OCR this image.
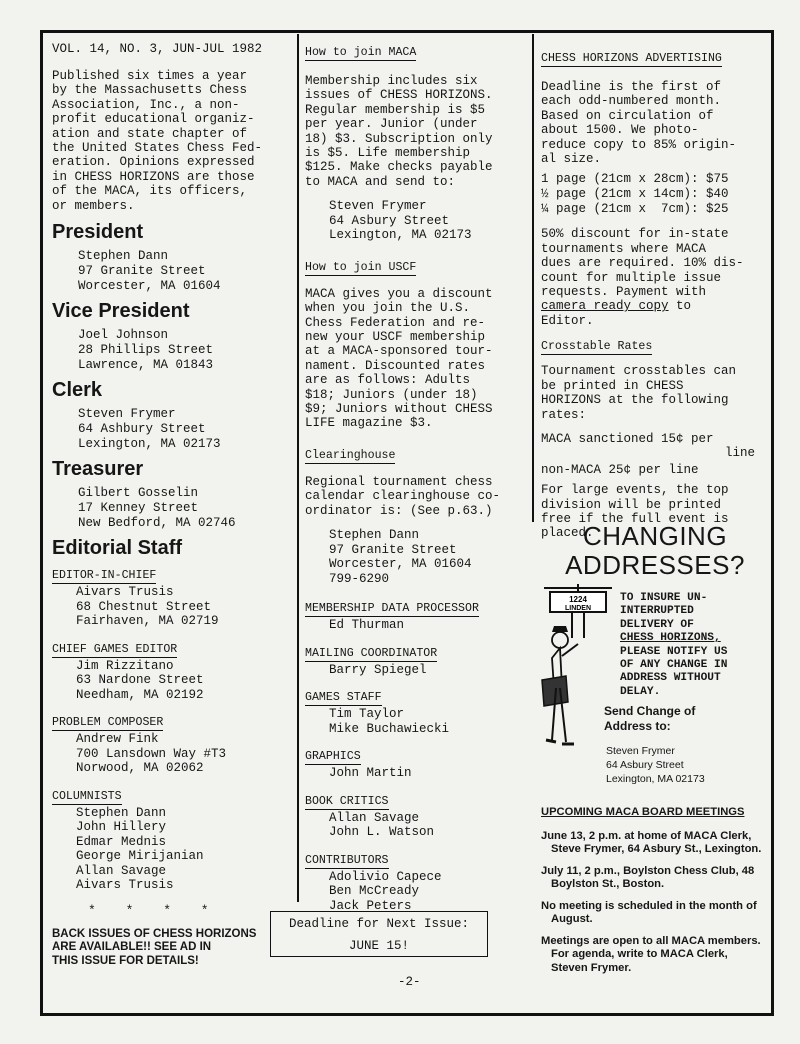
VOL. 14, NO. 3, JUN-JUL 1982
Published six times a year
by the Massachusetts Chess
Association, Inc., a non-
profit educational organiz-
ation and state chapter of
the United States Chess Fed-
eration. Opinions expressed
in CHESS HORIZONS are those
of the MACA, its officers,
or members.
President
Stephen Dann
97 Granite Street
Worcester, MA 01604
Vice President
Joel Johnson
28 Phillips Street
Lawrence, MA 01843
Clerk
Steven Frymer
64 Ashbury Street
Lexington, MA 02173
Treasurer
Gilbert Gosselin
17 Kenney Street
New Bedford, MA 02746
Editorial Staff
EDITOR-IN-CHIEF
Aivars Trusis
68 Chestnut Street
Fairhaven, MA 02719
CHIEF GAMES EDITOR
Jim Rizzitano
63 Nardone Street
Needham, MA 02192
PROBLEM COMPOSER
Andrew Fink
700 Lansdown Way #T3
Norwood, MA 02062
COLUMNISTS
Stephen Dann
John Hillery
Edmar Mednis
George Mirijanian
Allan Savage
Aivars Trusis
* * * *
BACK ISSUES OF CHESS HORIZONS
ARE AVAILABLE!! SEE AD IN
THIS ISSUE FOR DETAILS!
How to join MACA
Membership includes six
issues of CHESS HORIZONS.
Regular membership is $5
per year. Junior (under
18) $3. Subscription only
is $5. Life membership
$125. Make checks payable
to MACA and send to:
Steven Frymer
64 Asbury Street
Lexington, MA 02173
How to join USCF
MACA gives you a discount
when you join the U.S.
Chess Federation and re-
new your USCF membership
at a MACA-sponsored tour-
nament. Discounted rates
are as follows: Adults
$18; Juniors (under 18)
$9; Juniors without CHESS
LIFE magazine $3.
Clearinghouse
Regional tournament chess
calendar clearinghouse co-
ordinator is: (See p.63.)
Stephen Dann
97 Granite Street
Worcester, MA 01604
799-6290
MEMBERSHIP DATA PROCESSOR
Ed Thurman
MAILING COORDINATOR
Barry Spiegel
GAMES STAFF
Tim Taylor
Mike Buchawiecki
GRAPHICS
John Martin
BOOK CRITICS
Allan Savage
John L. Watson
CONTRIBUTORS
Adolivio Capece
Ben McCready
Jack Peters
Deadline for Next Issue:
JUNE 15!
-2-
CHESS HORIZONS ADVERTISING
Deadline is the first of
each odd-numbered month.
Based on circulation of
about 1500. We photo-
reduce copy to 85% origin-
al size.
1 page (21cm x 28cm): $75
½ page (21cm x 14cm): $40
¼ page (21cm x  7cm): $25
50% discount for in-state
tournaments where MACA
dues are required. 10% dis-
count for multiple issue
requests. Payment with
camera ready copy to
Editor.
Crosstable Rates
Tournament crosstables can
be printed in CHESS
HORIZONS at the following
rates:
MACA sanctioned 15¢ per
line
non-MACA 25¢ per line
For large events, the top
division will be printed
free if the full event is
placed.
CHANGING
ADDRESSES?
1224
LINDEN
TO INSURE UN-
INTERRUPTED
DELIVERY OF
CHESS HORIZONS,
PLEASE NOTIFY US
OF ANY CHANGE IN
ADDRESS WITHOUT
DELAY.
Send Change of
Address to:
Steven Frymer
64 Asbury Street
Lexington, MA 02173
UPCOMING MACA BOARD MEETINGS
June 13, 2 p.m. at home of MACA Clerk, Steve Frymer, 64 Asbury St., Lexington.
July 11, 2 p.m., Boylston Chess Club, 48 Boylston St., Boston.
No meeting is scheduled in the month of August.
Meetings are open to all MACA members. For agenda, write to MACA Clerk, Steven Frymer.
